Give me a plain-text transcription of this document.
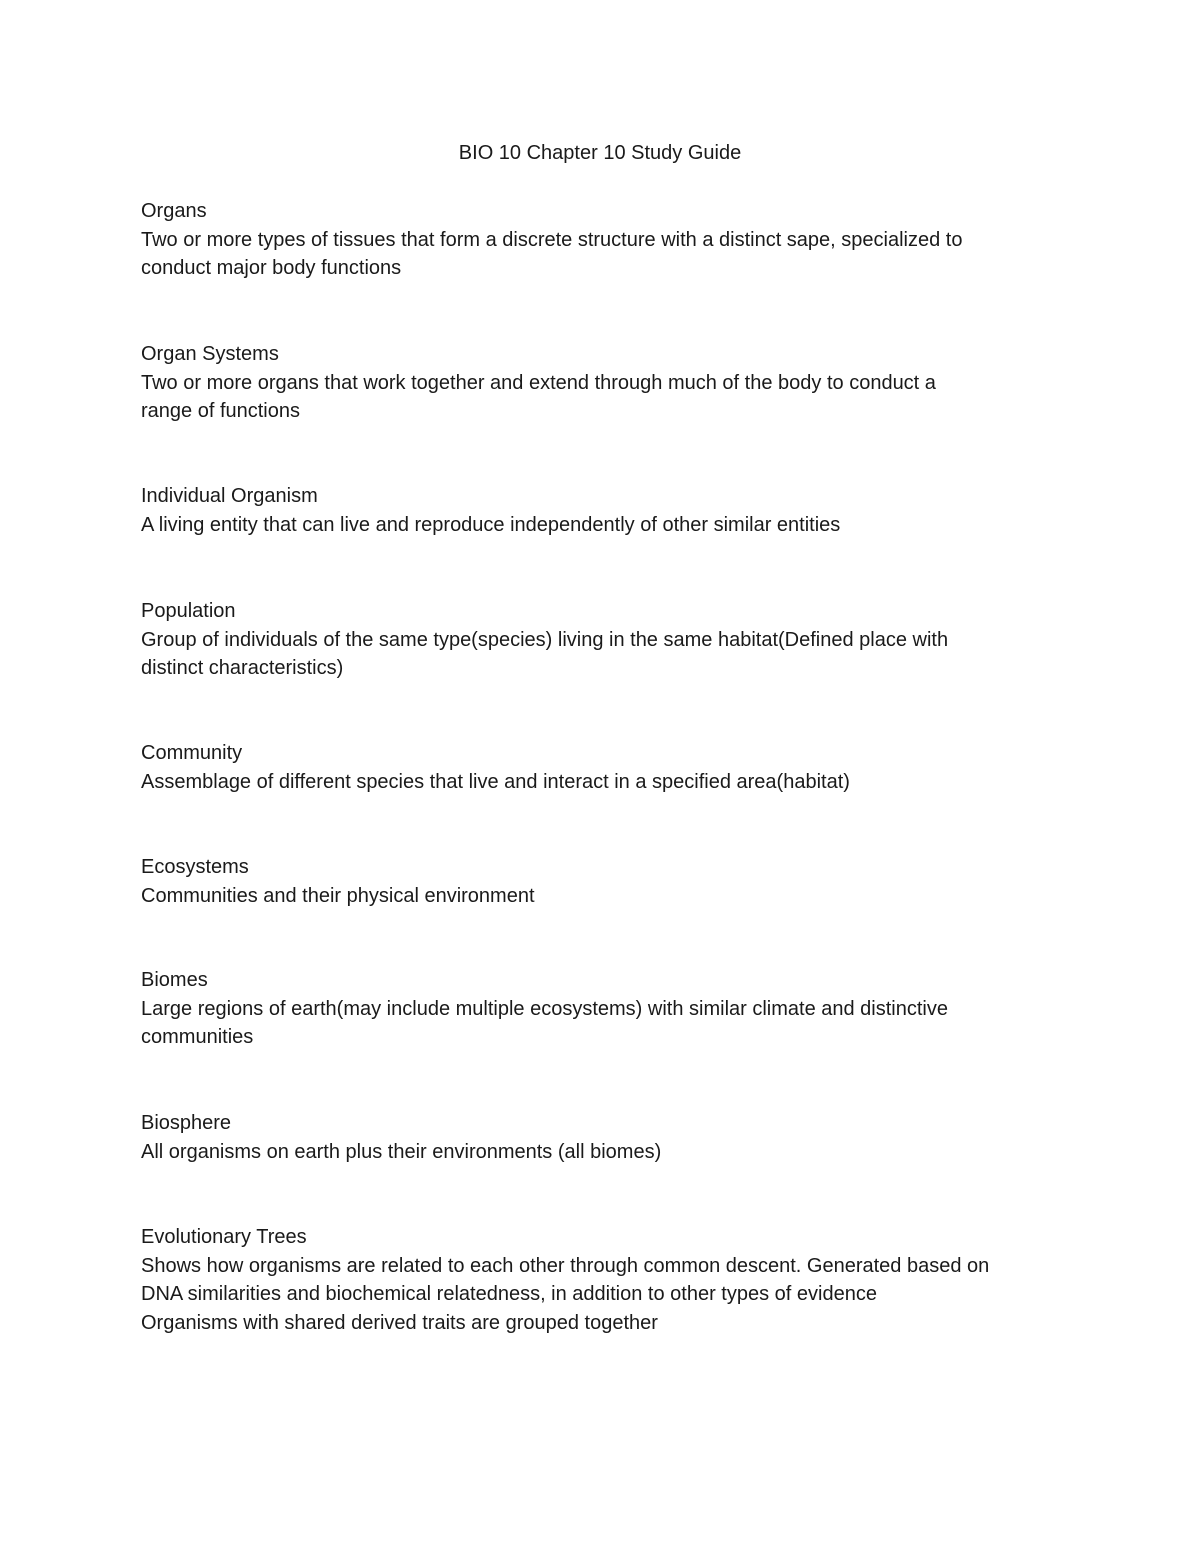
BIO 10 Chapter 10 Study Guide
Organs
Two or more types of tissues that form a discrete structure with a distinct sape, specialized to
conduct major body functions
Organ Systems
Two or more organs that work together and extend through much of the body to conduct a
range of functions
Individual Organism
A living entity that can live and reproduce independently of other similar entities
Population
Group of individuals of the same type(species) living in the same habitat(Defined place with
distinct characteristics)
Community
Assemblage of different species that live and interact in a specified area(habitat)
Ecosystems
Communities and their physical environment
Biomes
Large regions of earth(may include multiple ecosystems) with similar climate and distinctive
communities
Biosphere
All organisms on earth plus their environments (all biomes)
Evolutionary Trees
Shows how organisms are related to each other through common descent. Generated based on
DNA similarities and biochemical relatedness, in addition to other types of evidence
Organisms with shared derived traits are grouped together
